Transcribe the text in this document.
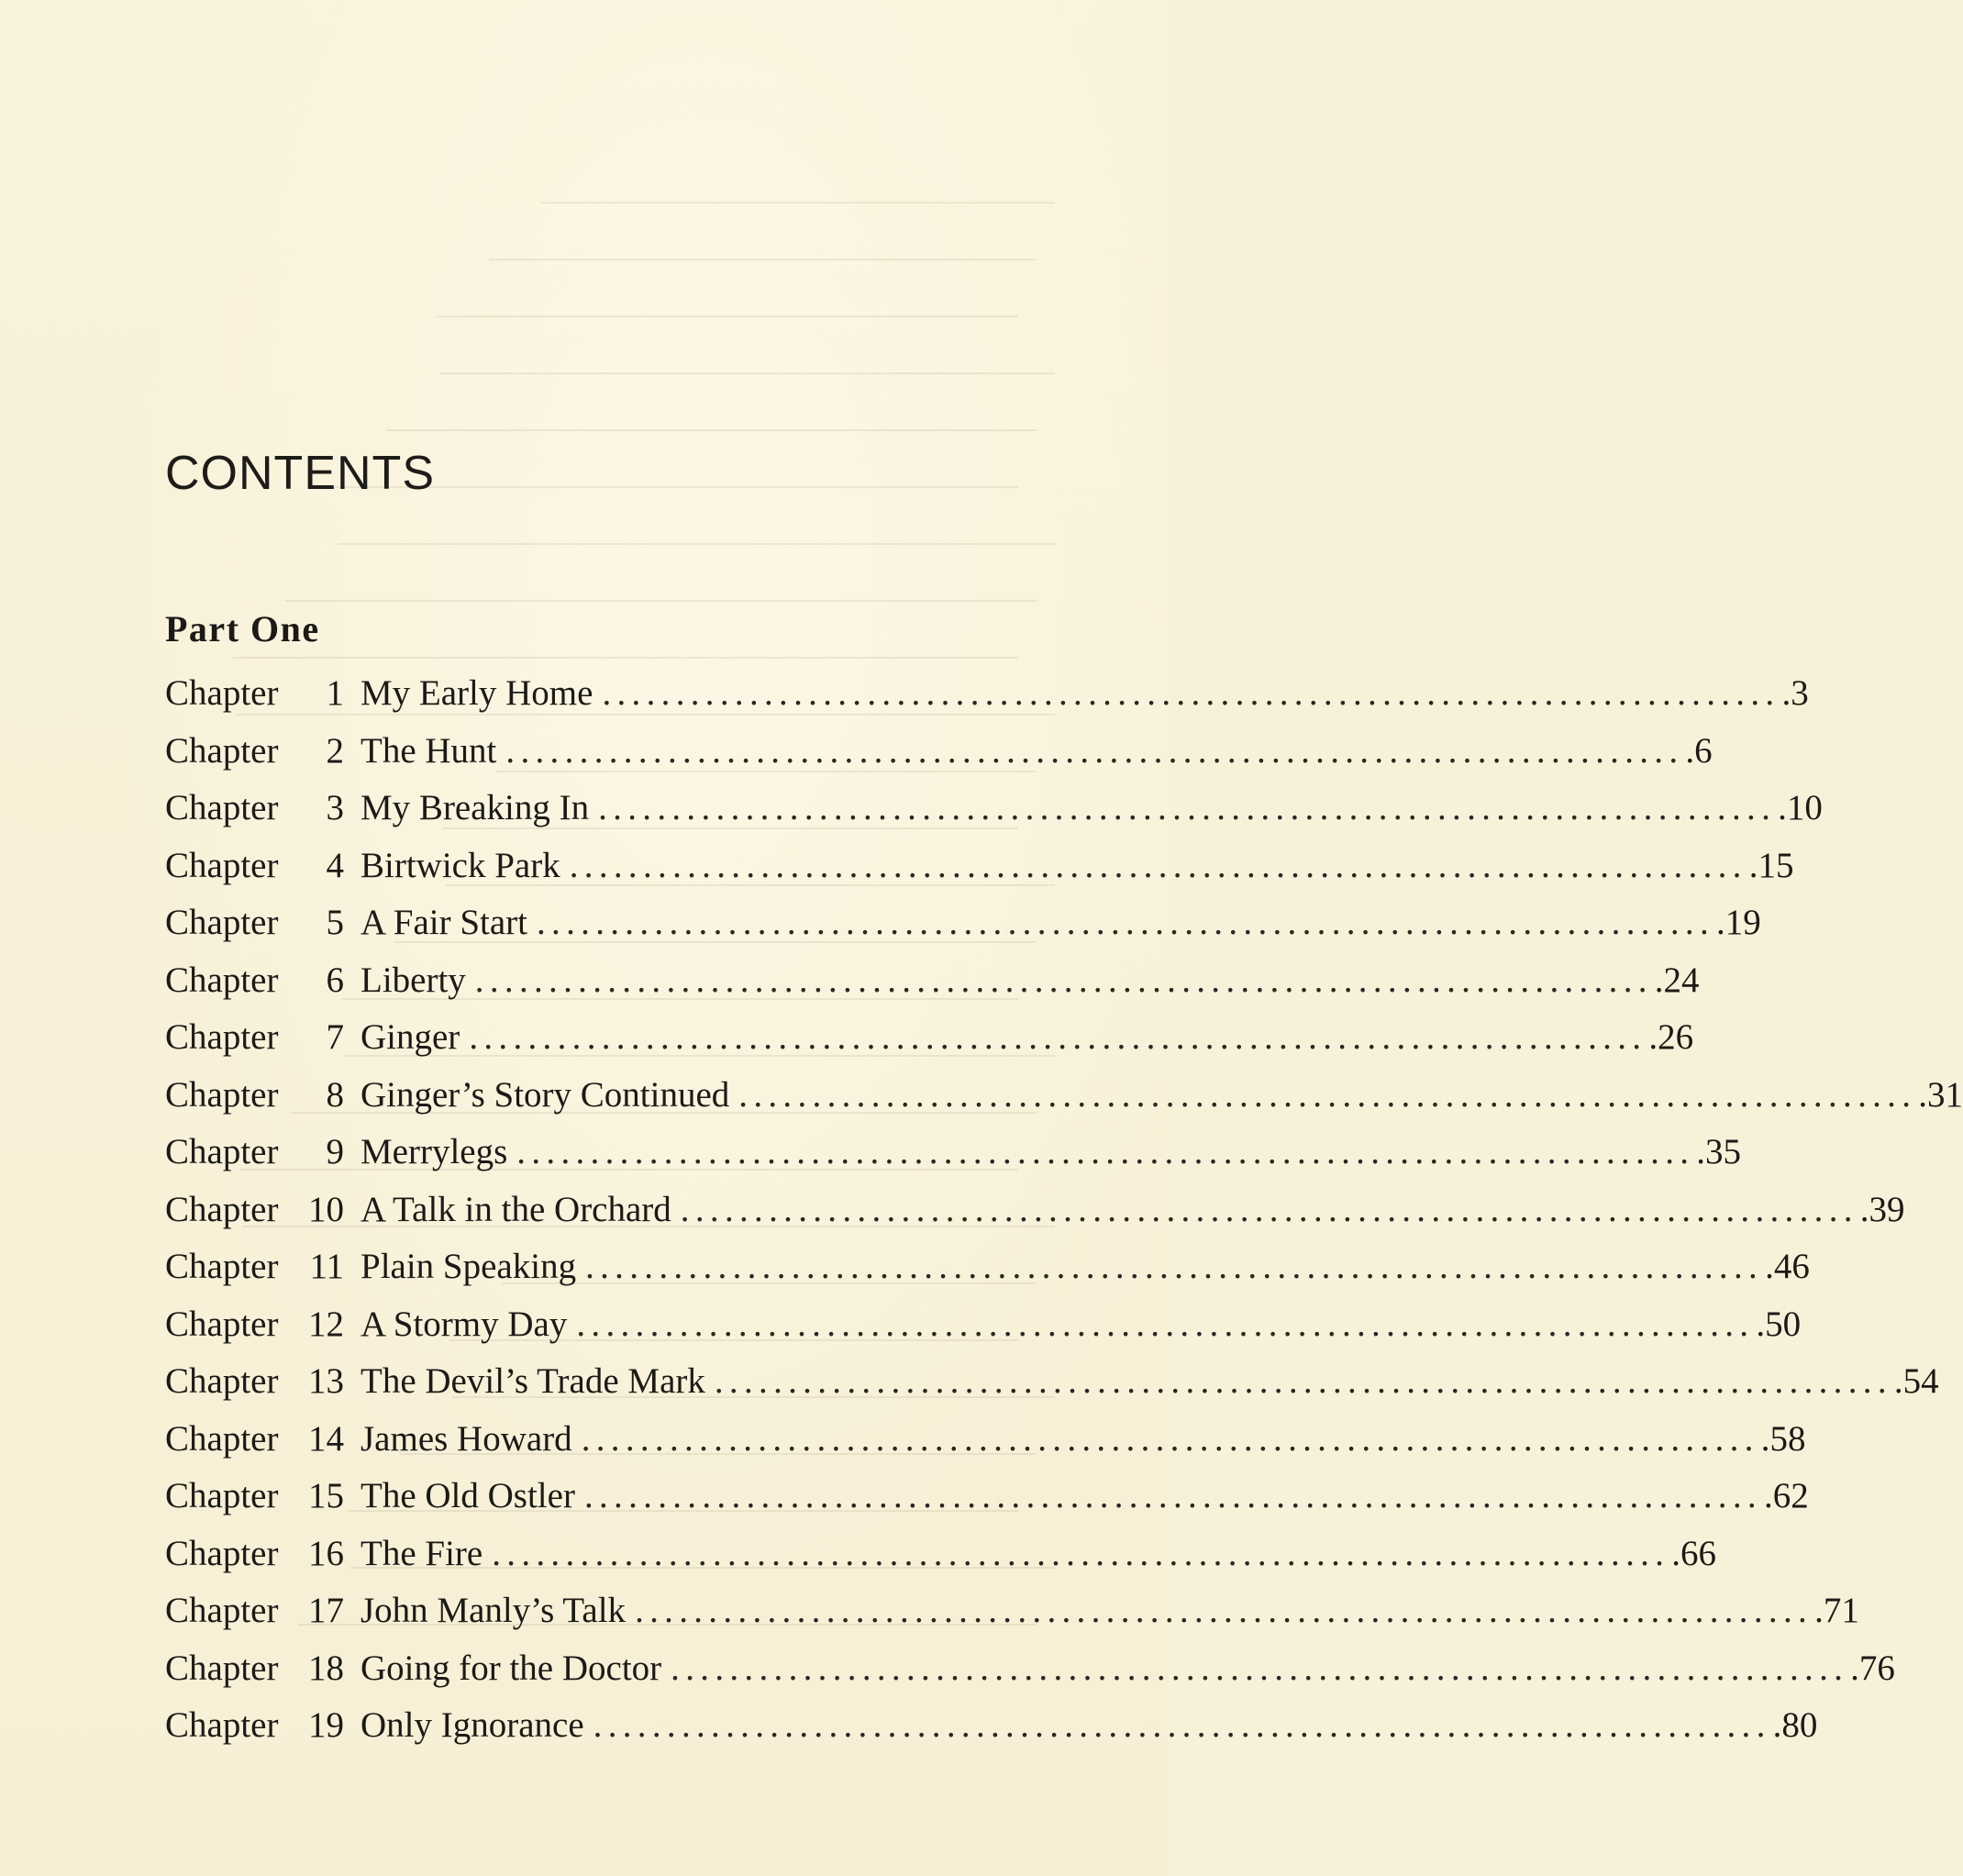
CONTENTS
Part One
Chapter	1 My Early Home ................................................................................ .3
Chapter	2 The Hunt ................................................................................ .6
Chapter	3 My Breaking In ................................................................................ .10
Chapter	4 Birtwick Park ................................................................................ .15
Chapter	5 A Fair Start ................................................................................ .19
Chapter	6 Liberty ................................................................................ .24
Chapter	7 Ginger ................................................................................ .26
Chapter	8 Ginger’s Story Continued ................................................................................ .31
Chapter	9 Merrylegs ................................................................................ .35
Chapter 10 A Talk in the Orchard ................................................................................ .39
Chapter 11 Plain Speaking ................................................................................ .46
Chapter 12 A Stormy Day ................................................................................ .50
Chapter 13 The Devil’s Trade Mark ................................................................................ .54
Chapter 14 James Howard ................................................................................ .58
Chapter 15 The Old Ostler ................................................................................ .62
Chapter 16 The Fire ................................................................................ .66
Chapter 17 John Manly’s Talk ................................................................................ .71
Chapter 18 Going for the Doctor ................................................................................ .76
Chapter 19 Only Ignorance ................................................................................ .80
